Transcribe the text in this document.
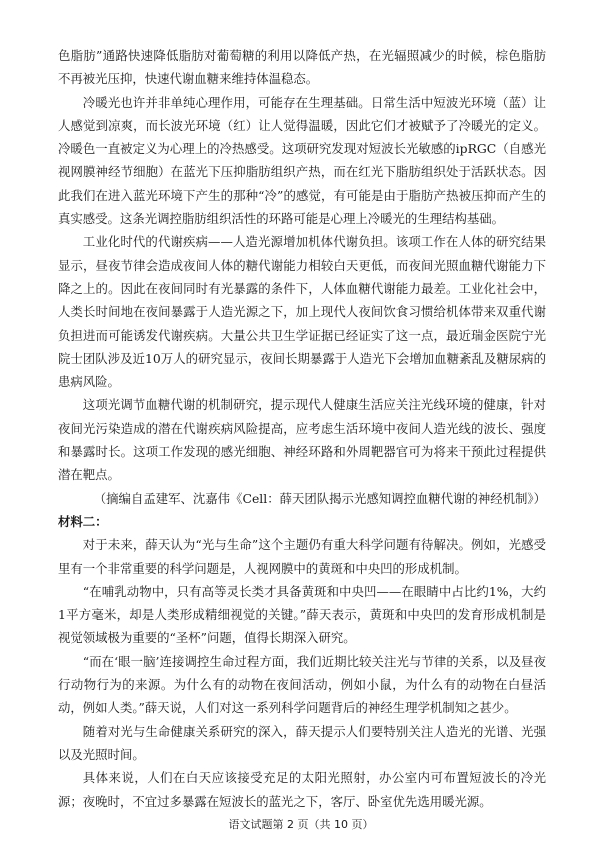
色脂肪”通路快速降低脂肪对葡萄糖的利用以降低产热，在光辐照减少的时候，棕色脂肪不再被光压抑，快速代谢血糖来维持体温稳态。

冷暖光也许并非单纯心理作用，可能存在生理基础。日常生活中短波光环境（蓝）让人感觉到凉爽，而长波光环境（红）让人觉得温暖，因此它们才被赋予了冷暖光的定义。冷暖色一直被定义为心理上的冷热感受。这项研究发现对短波长光敏感的ipRGC（自感光视网膜神经节细胞）在蓝光下压抑脂肪组织产热，而在红光下脂肪组织处于活跃状态。因此我们在进入蓝光环境下产生的那种“冷”的感觉，有可能是由于脂肪产热被压抑而产生的真实感受。这条光调控脂肪组织活性的环路可能是心理上冷暖光的生理结构基础。

工业化时代的代谢疾病——人造光源增加机体代谢负担。该项工作在人体的研究结果显示，昼夜节律会造成夜间人体的糖代谢能力相较白天更低，而夜间光照血糖代谢能力下降之上的。因此在夜间同时有光暴露的条件下，人体血糖代谢能力最差。工业化社会中，人类长时间地在夜间暴露于人造光源之下，加上现代人夜间饮食习惯给机体带来双重代谢负担进而可能诱发代谢疾病。大量公共卫生学证据已经证实了这一点，最近瑞金医院宁光院士团队涉及近10万人的研究显示，夜间长期暴露于人造光下会增加血糖紊乱及糖尿病的患病风险。

这项光调节血糖代谢的机制研究，提示现代人健康生活应关注光线环境的健康，针对夜间光污染造成的潜在代谢疾病风险提高，应考虑生活环境中夜间人造光线的波长、强度和暴露时长。这项工作发现的感光细胞、神经环路和外周靶器官可为将来干预此过程提供潜在靶点。

（摘编自孟建军、沈嘉伟《Cell：薛天团队揭示光感知调控血糖代谢的神经机制》）

材料二：

对于未来，薛天认为“光与生命”这个主题仍有重大科学问题有待解决。例如，光感受里有一个非常重要的科学问题是，人视网膜中的黄斑和中央凹的形成机制。

“在哺乳动物中，只有高等灵长类才具备黄斑和中央凹——在眼睛中占比约1%，大约1平方毫米，却是人类形成精细视觉的关键。”薛天表示，黄斑和中央凹的发育形成机制是视觉领域极为重要的“圣杯”问题，值得长期深入研究。

“而在‘眼一脑’连接调控生命过程方面，我们近期比较关注光与节律的关系，以及昼夜行动物行为的来源。为什么有的动物在夜间活动，例如小鼠，为什么有的动物在白昼活动，例如人类。”薛天说，人们对这一系列科学问题背后的神经生理学机制知之甚少。

随着对光与生命健康关系研究的深入，薛天提示人们要特别关注人造光的光谱、光强以及光照时间。

具体来说，人们在白天应该接受充足的太阳光照射，办公室内可布置短波长的冷光源；夜晚时，不宜过多暴露在短波长的蓝光之下，客厅、卧室优先选用暖光源。

语文试题第 2 页（共 10 页）
